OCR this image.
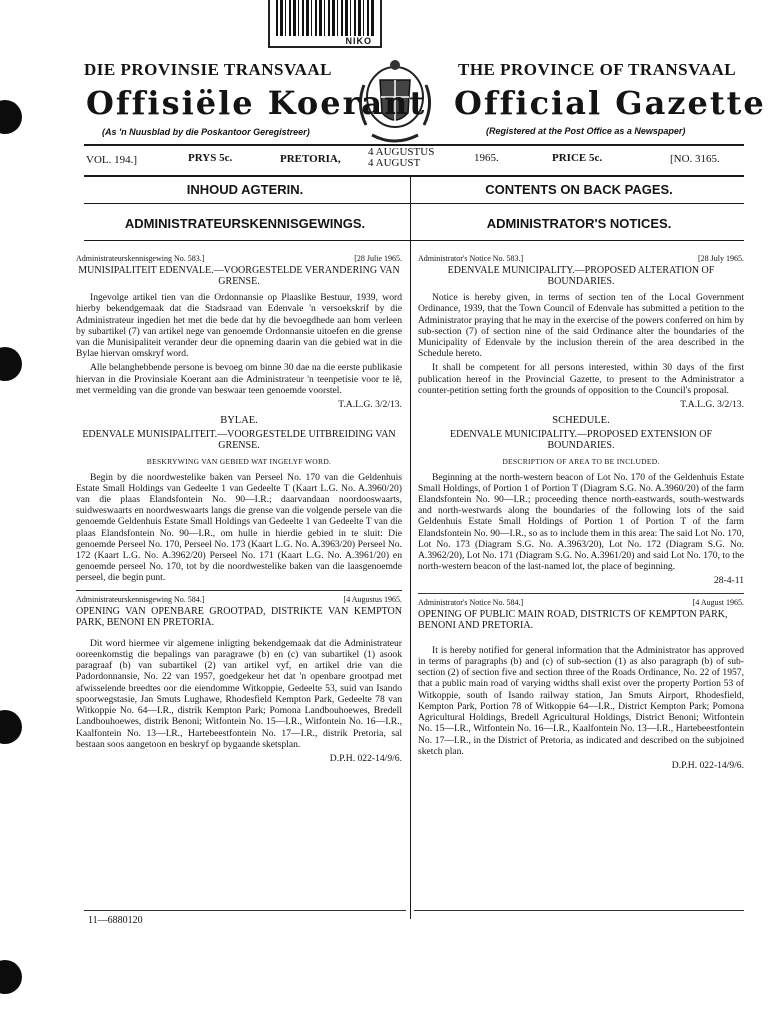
NIKO
DIE PROVINSIE TRANSVAAL	THE PROVINCE OF TRANSVAAL
Offisiële Koerant Official Gazette
(As 'n Nuusblad by die Poskantoor Geregistreer)	(Registered at the Post Office as a Newspaper)
VOL. 194.]	PRYS 5c.	PRETORIA,
4 AUGUSTUS
4 AUGUST	1965.	PRICE 5c.	[NO. 3165.
INHOUD AGTERIN.	CONTENTS ON BACK PAGES.
ADMINISTRATEURSKENNISGEWINGS.	ADMINISTRATOR'S NOTICES.
Administrateurskennisgewing No. 583.]	[28 Julie 1965.
MUNISIPALITEIT EDENVALE.—VOORGESTELDE VERANDERING VAN GRENSE.

Ingevolge artikel tien van die Ordonnansie op Plaaslike Bestuur, 1939, word hierby bekendgemaak dat die Stadsraad van Edenvale 'n versoekskrif by die Administrateur ingedien het met die bede dat hy die bevoegdhede aan hom verleen by subartikel (7) van artikel nege van genoemde Ordonnansie uitoefen en die grense van die Munisipaliteit verander deur die opneming daarin van die gebied wat in die Bylae hiervan omskryf word.

Alle belanghebbende persone is bevoeg om binne 30 dae na die eerste publikasie hiervan in die Provinsiale Koerant aan die Administrateur 'n teenpetisie voor te lê, met vermelding van die gronde van beswaar teen genoemde voorstel.

T.A.L.G. 3/2/13.
BYLAE.
EDENVALE MUNISIPALITEIT.—VOORGESTELDE UITBREIDING VAN GRENSE.
BESKRYWING VAN GEBIED WAT INGELYF WORD.

Begin by die noordwestelike baken van Perseel No. 170 van die Geldenhuis Estate Small Holdings van Gedeelte 1 van Gedeelte T (Kaart L.G. No. A.3960/20) van die plaas Elandsfontein No. 90—I.R.; daarvandaan noordooswaarts, suidweswaarts en noordweswaarts langs die grense van die volgende persele van die genoemde Geldenhuis Estate Small Holdings van Gedeelte 1 van Gedeelte T van die plaas Elandsfontein No. 90—I.R., om hulle in hierdie gebied in te sluit: Die genoemde Perseel No. 170, Perseel No. 173 (Kaart L.G. No. A.3963/20) Perseel No. 172 (Kaart L.G. No. A.3962/20) Perseel No. 171 (Kaart L.G. No. A.3961/20) en genoemde perseel No. 170, tot by die noordwestelike baken van die laasgenoemde perseel, die begin punt.

Administrateurskennisgewing No. 584.]	[4 Augustus 1965.
OPENING VAN OPENBARE GROOTPAD, DISTRIKTE VAN KEMPTON PARK, BENONI EN PRETORIA.

Dit word hiermee vir algemene inligting bekendgemaak dat die Administrateur ooreenkomstig die bepalings van paragrawe (b) en (c) van subartikel (1) asook paragraaf (b) van subartikel (2) van artikel vyf, en artikel drie van die Padordonnansie, No. 22 van 1957, goedgekeur het dat 'n openbare grootpad met afwisselende breedtes oor die eiendomme Witkoppie, Gedeelte 53, suid van Isando spoorwegstasie, Jan Smuts Lughawe, Rhodesfield Kempton Park, Gedeelte 78 van Witkoppie No. 64—I.R., distrik Kempton Park; Pomona Landbouhoewes, Bredell Landbouhoewes, distrik Benoni; Witfontein No. 15—I.R., Witfontein No. 16—I.R., Kaalfontein No. 13—I.R., Hartebeestfontein No. 17—I.R., distrik Pretoria, sal bestaan soos aangetoon en beskryf op bygaande sketsplan.

D.P.H. 022-14/9/6.
Administrator's Notice No. 583.]	[28 July 1965.
EDENVALE MUNICIPALITY.—PROPOSED ALTERATION OF BOUNDARIES.

Notice is hereby given, in terms of section ten of the Local Government Ordinance, 1939, that the Town Council of Edenvale has submitted a petition to the Administrator praying that he may in the exercise of the powers conferred on him by sub-section (7) of section nine of the said Ordinance alter the boundaries of the Municipality of Edenvale by the inclusion therein of the area described in the Schedule hereto.

It shall be competent for all persons interested, within 30 days of the first publication hereof in the Provincial Gazette, to present to the Administrator a counter-petition setting forth the grounds of opposition to the Council's proposal.

T.A.L.G. 3/2/13.
SCHEDULE.
EDENVALE MUNICIPALITY.—PROPOSED EXTENSION OF BOUNDARIES.
DESCRIPTION OF AREA TO BE INCLUDED.

Beginning at the north-western beacon of Lot No. 170 of the Geldenhuis Estate Small Holdings, of Portion 1 of Portion T (Diagram S.G. No. A.3960/20) of the farm Elandsfontein No. 90—I.R.; proceeding thence north-eastwards, south-westwards and north-westwards along the boundaries of the following lots of the said Geldenhuis Estate Small Holdings of Portion 1 of Portion T of the farm Elandsfontein No. 90—I.R., so as to include them in this area: The said Lot No. 170, Lot No. 173 (Diagram S.G. No. A.3963/20), Lot No. 172 (Diagram S.G. No. A.3962/20), Lot No. 171 (Diagram S.G. No. A.3961/20) and said Lot No. 170, to the north-western beacon of the last-named lot, the place of beginning.

28-4-11
Administrator's Notice No. 584.]	[4 August 1965.
OPENING OF PUBLIC MAIN ROAD, DISTRICTS OF KEMPTON PARK, BENONI AND PRETORIA.

It is hereby notified for general information that the Administrator has approved in terms of paragraphs (b) and (c) of sub-section (1) as also paragraph (b) of sub-section (2) of section five and section three of the Roads Ordinance, No. 22 of 1957, that a public main road of varying widths shall exist over the property Portion 53 of Witkoppie, south of Isando railway station, Jan Smuts Airport, Rhodesfield, Kempton Park, Portion 78 of Witkoppie 64—I.R., District Kempton Park; Pomona Agricultural Holdings, Bredell Agricultural Holdings, District Benoni; Witfontein No. 15—I.R., Witfontein No. 16—I.R., Kaalfontein No. 13—I.R., Hartebeestfontein No. 17—I.R., in the District of Pretoria, as indicated and described on the subjoined sketch plan.

D.P.H. 022-14/9/6.
11—6880120
